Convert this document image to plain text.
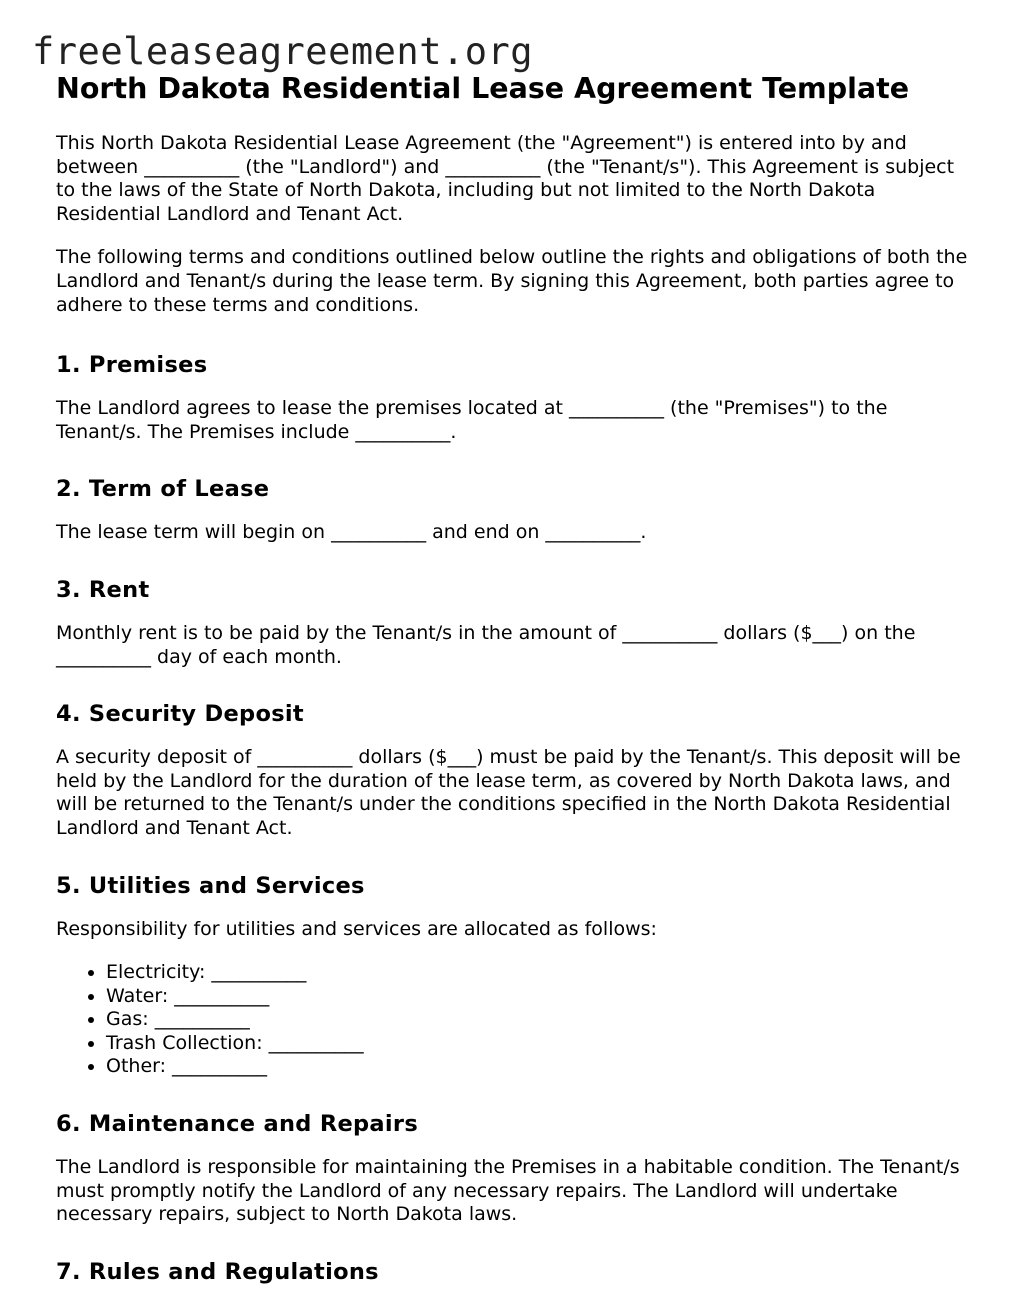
freeleaseagreement.org
North Dakota Residential Lease Agreement Template

This North Dakota Residential Lease Agreement (the "Agreement") is entered into by and between __________ (the "Landlord") and __________ (the "Tenant/s"). This Agreement is subject to the laws of the State of North Dakota, including but not limited to the North Dakota Residential Landlord and Tenant Act.

The following terms and conditions outlined below outline the rights and obligations of both the Landlord and Tenant/s during the lease term. By signing this Agreement, both parties agree to adhere to these terms and conditions.

1. Premises

The Landlord agrees to lease the premises located at __________ (the "Premises") to the Tenant/s. The Premises include __________.

2. Term of Lease

The lease term will begin on __________ and end on __________.

3. Rent

Monthly rent is to be paid by the Tenant/s in the amount of __________ dollars ($___) on the __________ day of each month.

4. Security Deposit

A security deposit of __________ dollars ($___) must be paid by the Tenant/s. This deposit will be held by the Landlord for the duration of the lease term, as covered by North Dakota laws, and will be returned to the Tenant/s under the conditions specified in the North Dakota Residential Landlord and Tenant Act.

5. Utilities and Services

Responsibility for utilities and services are allocated as follows:

• Electricity: __________
• Water: __________
• Gas: __________
• Trash Collection: __________
• Other: __________
6. Maintenance and Repairs

The Landlord is responsible for maintaining the Premises in a habitable condition. The Tenant/s must promptly notify the Landlord of any necessary repairs. The Landlord will undertake necessary repairs, subject to North Dakota laws.

7. Rules and Regulations
